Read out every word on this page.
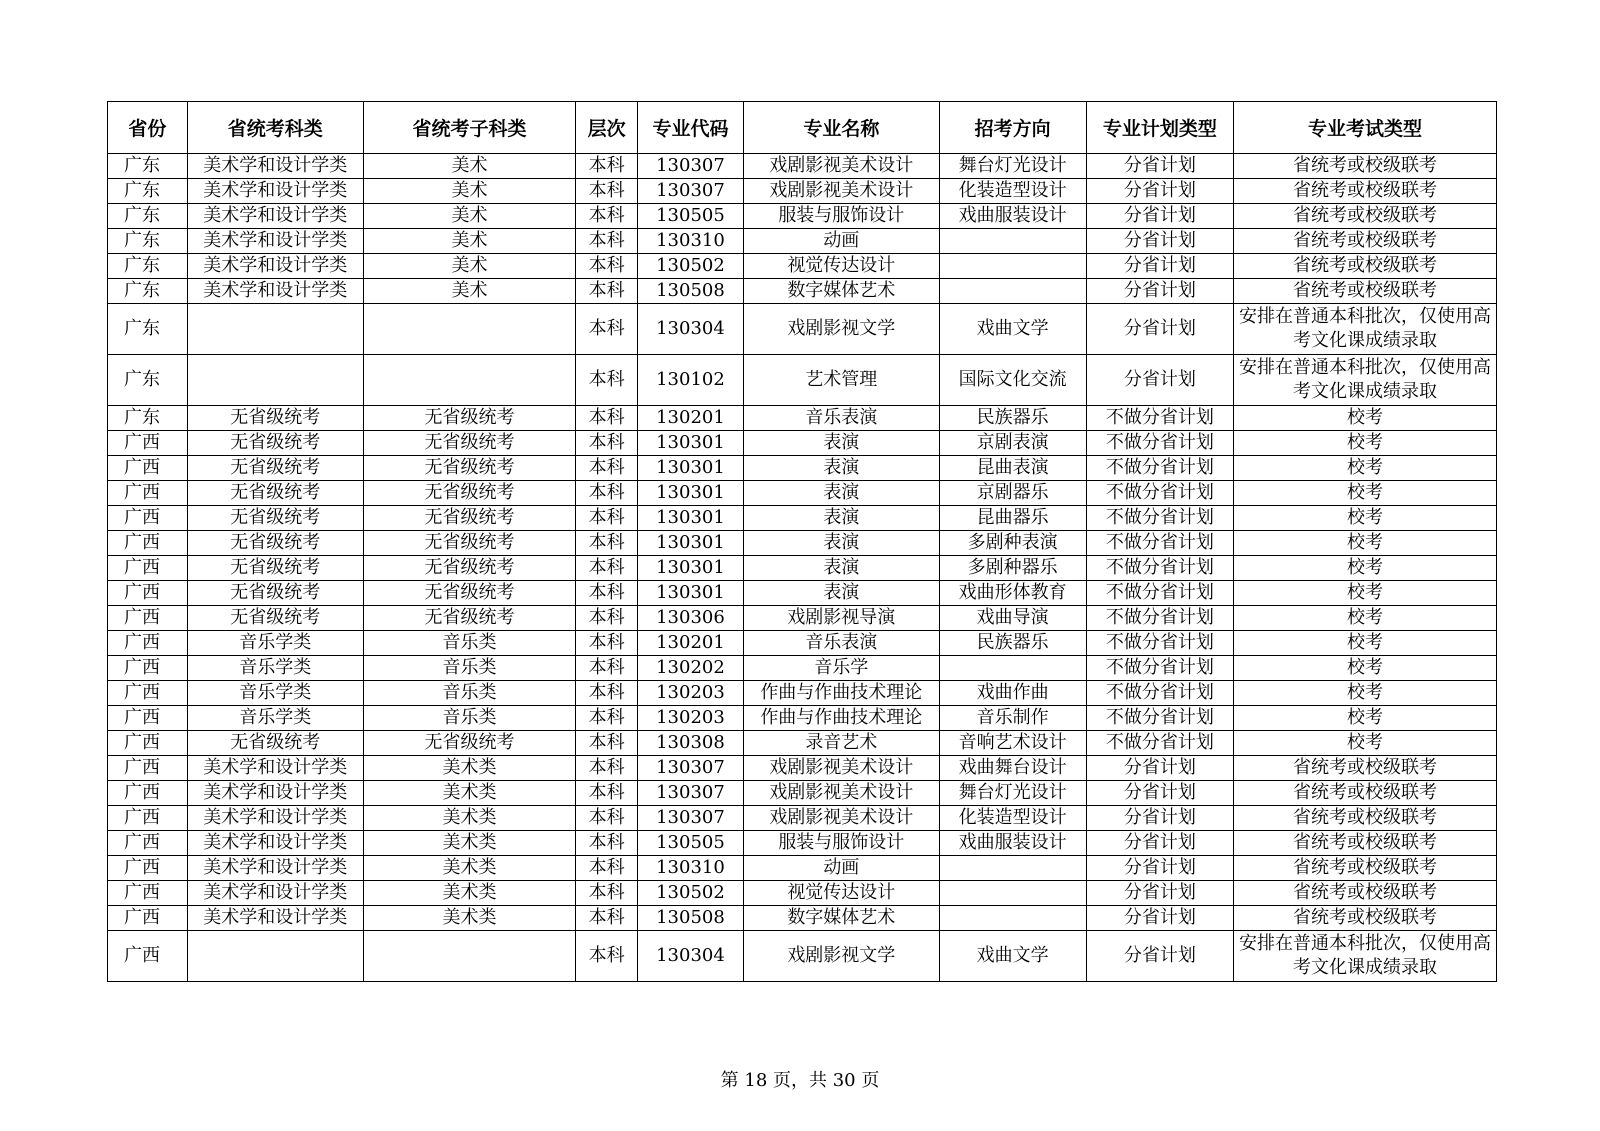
省份	省统考科类	省统考子科类	层次	专业代码	专业名称	招考方向	专业计划类型	专业考试类型
广东	美术学和设计学类	美术	本科	130307	戏剧影视美术设计	舞台灯光设计	分省计划	省统考或校级联考
广东	美术学和设计学类	美术	本科	130307	戏剧影视美术设计	化装造型设计	分省计划	省统考或校级联考
广东	美术学和设计学类	美术	本科	130505	服装与服饰设计	戏曲服装设计	分省计划	省统考或校级联考
广东	美术学和设计学类	美术	本科	130310	动画		分省计划	省统考或校级联考
广东	美术学和设计学类	美术	本科	130502	视觉传达设计		分省计划	省统考或校级联考
广东	美术学和设计学类	美术	本科	130508	数字媒体艺术		分省计划	省统考或校级联考
广东			本科	130304	戏剧影视文学	戏曲文学	分省计划	安排在普通本科批次，仅使用高考文化课成绩录取
广东			本科	130102	艺术管理	国际文化交流	分省计划	安排在普通本科批次，仅使用高考文化课成绩录取
广东	无省级统考	无省级统考	本科	130201	音乐表演	民族器乐	不做分省计划	校考
广西	无省级统考	无省级统考	本科	130301	表演	京剧表演	不做分省计划	校考
广西	无省级统考	无省级统考	本科	130301	表演	昆曲表演	不做分省计划	校考
广西	无省级统考	无省级统考	本科	130301	表演	京剧器乐	不做分省计划	校考
广西	无省级统考	无省级统考	本科	130301	表演	昆曲器乐	不做分省计划	校考
广西	无省级统考	无省级统考	本科	130301	表演	多剧种表演	不做分省计划	校考
广西	无省级统考	无省级统考	本科	130301	表演	多剧种器乐	不做分省计划	校考
广西	无省级统考	无省级统考	本科	130301	表演	戏曲形体教育	不做分省计划	校考
广西	无省级统考	无省级统考	本科	130306	戏剧影视导演	戏曲导演	不做分省计划	校考
广西	音乐学类	音乐类	本科	130201	音乐表演	民族器乐	不做分省计划	校考
广西	音乐学类	音乐类	本科	130202	音乐学		不做分省计划	校考
广西	音乐学类	音乐类	本科	130203	作曲与作曲技术理论	戏曲作曲	不做分省计划	校考
广西	音乐学类	音乐类	本科	130203	作曲与作曲技术理论	音乐制作	不做分省计划	校考
广西	无省级统考	无省级统考	本科	130308	录音艺术	音响艺术设计	不做分省计划	校考
广西	美术学和设计学类	美术类	本科	130307	戏剧影视美术设计	戏曲舞台设计	分省计划	省统考或校级联考
广西	美术学和设计学类	美术类	本科	130307	戏剧影视美术设计	舞台灯光设计	分省计划	省统考或校级联考
广西	美术学和设计学类	美术类	本科	130307	戏剧影视美术设计	化装造型设计	分省计划	省统考或校级联考
广西	美术学和设计学类	美术类	本科	130505	服装与服饰设计	戏曲服装设计	分省计划	省统考或校级联考
广西	美术学和设计学类	美术类	本科	130310	动画		分省计划	省统考或校级联考
广西	美术学和设计学类	美术类	本科	130502	视觉传达设计		分省计划	省统考或校级联考
广西	美术学和设计学类	美术类	本科	130508	数字媒体艺术		分省计划	省统考或校级联考
广西			本科	130304	戏剧影视文学	戏曲文学	分省计划	安排在普通本科批次，仅使用高考文化课成绩录取
第 18 页，共 30 页
